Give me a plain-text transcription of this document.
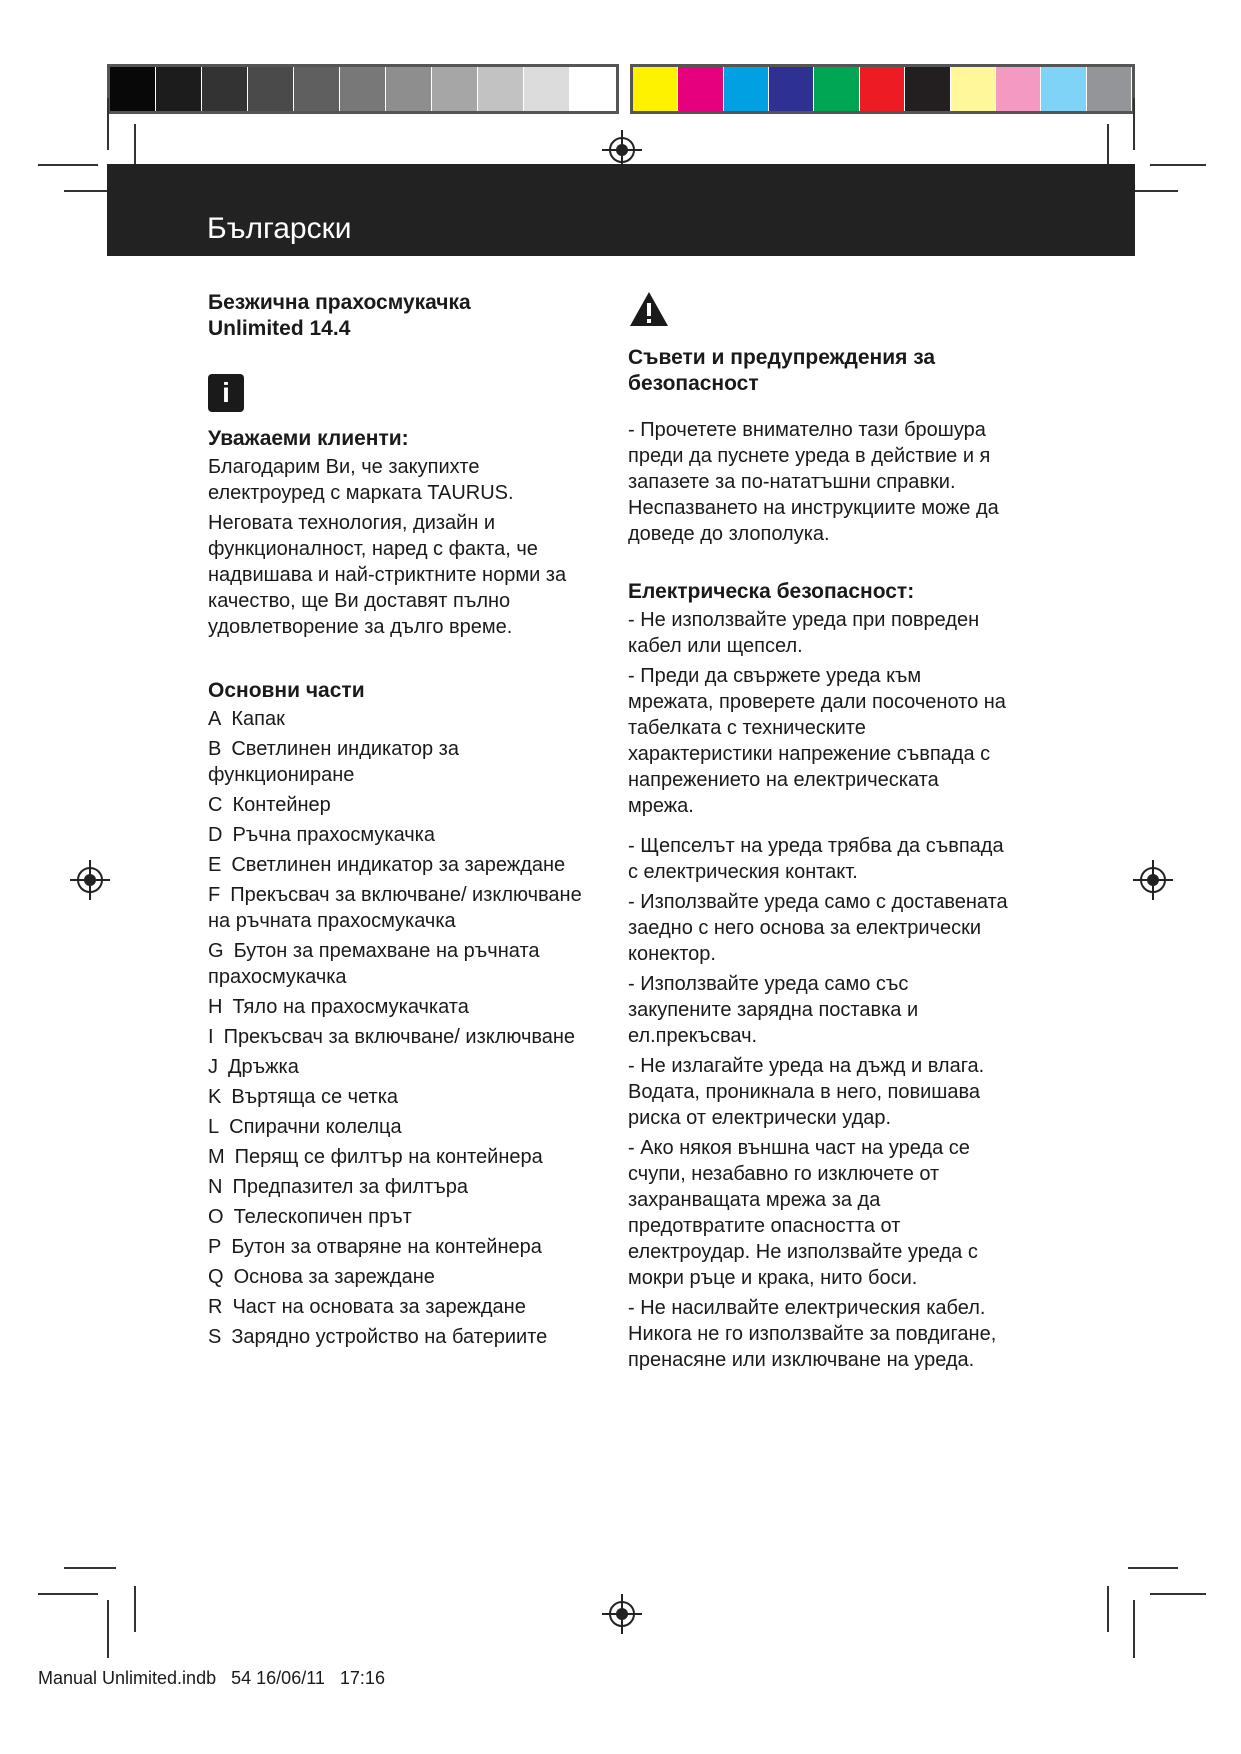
Български
Безжична прахосмукачка
Unlimited 14.4
i
Уважаеми клиенти:

Благодарим Ви, че закупихте електроуред с марката TAURUS.

Неговата технология, дизайн и функционалност, наред с факта, че надвишава и най-стриктните норми за качество, ще Ви доставят пълно удовлетворение за дълго време.

Основни части
A Капак
B Светлинен индикатор за функциониране
C Контейнер
D Ръчна прахосмукачка
E Светлинен индикатор за зареждане
F Прекъсвач за включване/ изключване на ръчната прахосмукачка
G Бутон за премахване на ръчната прахосмукачка
H Тяло на прахосмукачката
I Прекъсвач за включване/ изключване
J Дръжка
K Въртяща се четка
L Спирачни колелца
M Перящ се филтър на контейнера
N Предпазител за филтъра
O Телескопичен прът
P Бутон за отваряне на контейнера
Q Основа за зареждане
R Част на основата за зареждане
S Зарядно устройство на батериите
Съвети и предупреждения за безопасност

- Прочетете внимателно тази брошура преди да пуснете уреда в действие и я запазете за по-нататъшни справки. Неспазването на инструкциите може да доведе до злополука.

Електрическа безопасност:

- Не използвайте уреда при повреден кабел или щепсел.

- Преди да свържете уреда към мрежата, проверете дали посоченото на табелката с техническите характеристики напрежение съвпада с напрежението на електрическата мрежа.

- Щепселът на уреда трябва да съвпада с електрическия контакт.

- Използвайте уреда само с доставената заедно с него основа за електрически конектор.

- Използвайте уреда само със закупените зарядна поставка и ел.прекъсвач.

- Не излагайте уреда на дъжд и влага. Водата, проникнала в него, повишава риска от електрически удар.

- Ако някоя външна част на уреда се счупи, незабавно го изключете от захранващата мрежа за да предотвратите опасността от електроудар. Не използвайте уреда с мокри ръце и крака, нито боси.

- Не насилвайте електрическия кабел. Никога не го използвайте за повдигане, пренасяне или изключване на уреда.

Manual Unlimited.indb 54 16/06/11 17:16
